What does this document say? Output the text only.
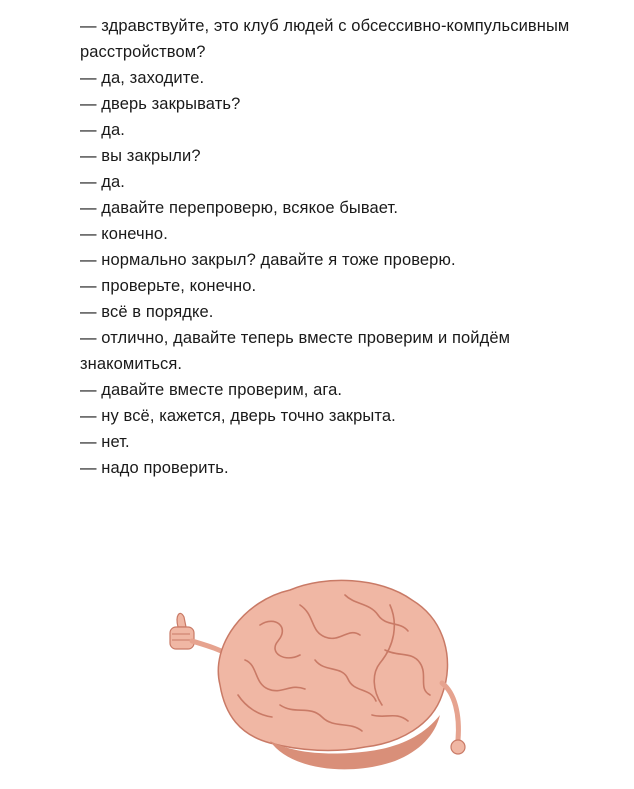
— здравствуйте, это клуб людей с обсессивно-компульсивным расстройством?
— да, заходите.
— дверь закрывать?
— да.
— вы закрыли?
— да.
— давайте перепроверю, всякое бывает.
— конечно.
— нормально закрыл? давайте я тоже проверю.
— проверьте, конечно.
— всё в порядке.
— отлично, давайте теперь вместе проверим и пойдём знакомиться.
— давайте вместе проверим, ага.
— ну всё, кажется, дверь точно закрыта.
— нет.
— надо проверить.
